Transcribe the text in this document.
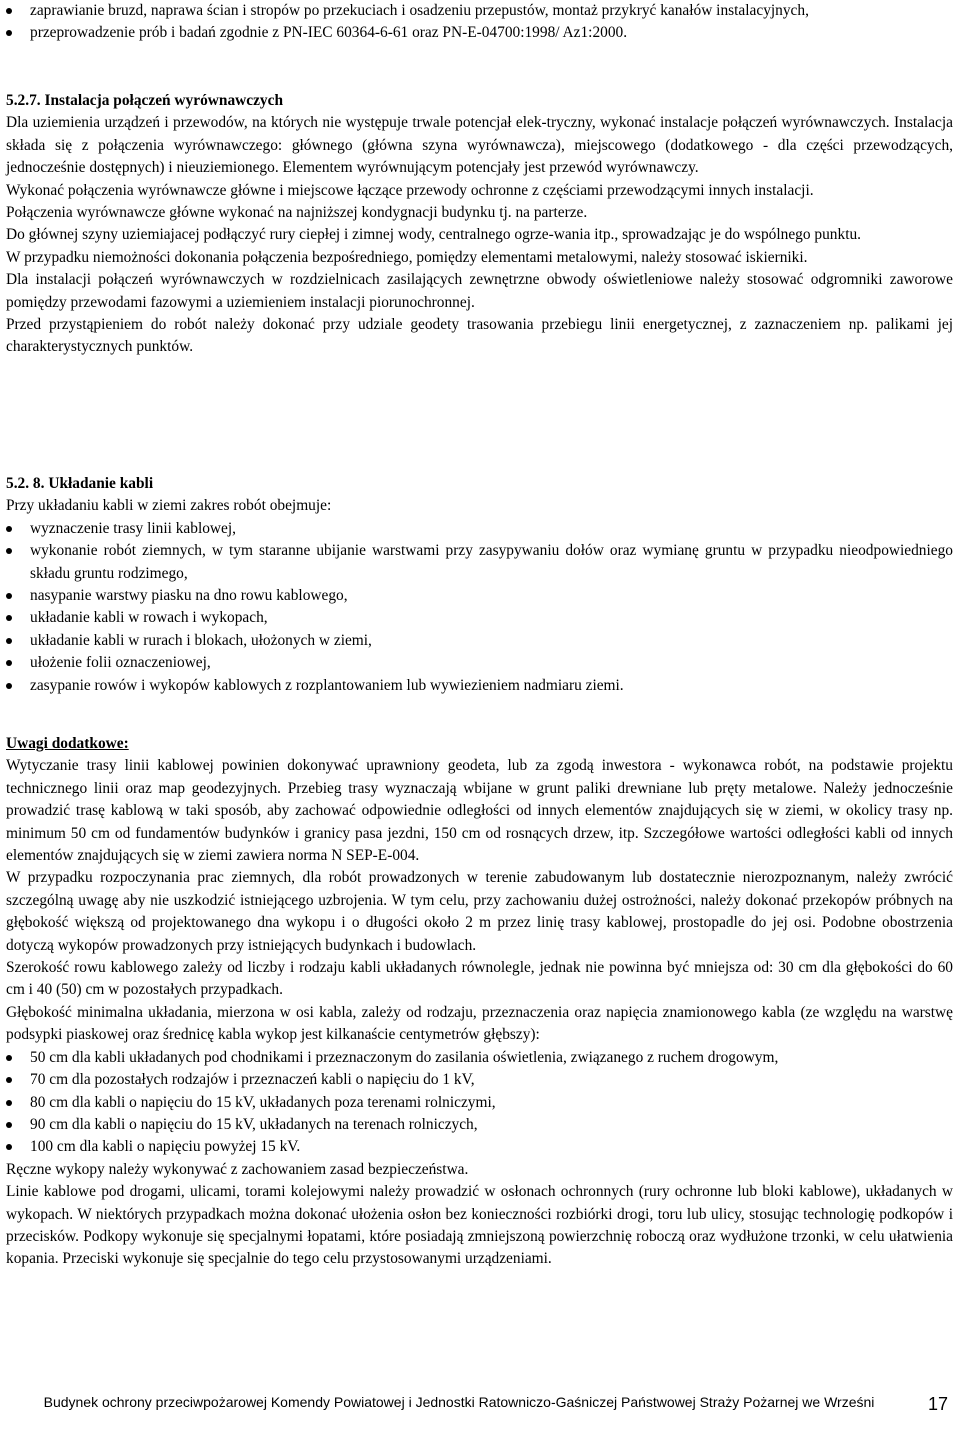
zaprawianie bruzd, naprawa ścian i stropów po przekuciach i osadzeniu przepustów, montaż przykryć kanałów instalacyjnych,
przeprowadzenie prób i badań zgodnie z PN-IEC 60364-6-61 oraz PN-E-04700:1998/ Az1:2000.

5.2.7. Instalacja połączeń wyrównawczych

Dla uziemienia urządzeń i przewodów, na których nie występuje trwale potencjał elek-tryczny, wykonać instalacje połączeń wyrównawczych. Instalacja składa się z połączenia wyrównawczego: głównego (główna szyna wyrównawcza), miejscowego (dodatkowego - dla części przewodzących, jednocześnie dostępnych) i nieuziemionego. Elementem wyrównującym potencjały jest przewód wyrównawczy.

Wykonać połączenia wyrównawcze główne i miejscowe łączące przewody ochronne z częściami przewodzącymi innych instalacji.

Połączenia wyrównawcze główne wykonać na najniższej kondygnacji budynku tj. na parterze.

Do głównej szyny uziemiajacej podłączyć rury ciepłej i zimnej wody, centralnego ogrze-wania itp., sprowadzając je do wspólnego punktu.

W przypadku niemożności dokonania połączenia bezpośredniego, pomiędzy elementami metalowymi, należy stosować iskierniki.

Dla instalacji połączeń wyrównawczych w rozdzielnicach zasilających zewnętrzne obwody oświetleniowe należy stosować odgromniki zaworowe pomiędzy przewodami fazowymi a uziemieniem instalacji piorunochronnej.

Przed przystąpieniem do robót należy dokonać przy udziale geodety trasowania przebiegu linii energetycznej, z zaznaczeniem np. palikami jej charakterystycznych punktów.

5.2. 8. Układanie kabli

Przy układaniu kabli w ziemi zakres robót obejmuje:

wyznaczenie trasy linii kablowej,
wykonanie robót ziemnych, w tym staranne ubijanie warstwami przy zasypywaniu dołów oraz wymianę gruntu w przypadku nieodpowiedniego składu gruntu rodzimego,
nasypanie warstwy piasku na dno rowu kablowego,
układanie kabli w rowach i wykopach,
układanie kabli w rurach i blokach, ułożonych w ziemi,
ułożenie folii oznaczeniowej,
zasypanie rowów i wykopów kablowych z rozplantowaniem lub wywiezieniem nadmiaru ziemi.

Uwagi dodatkowe:

Wytyczanie trasy linii kablowej powinien dokonywać uprawniony geodeta, lub za zgodą inwestora - wykonawca robót, na podstawie projektu technicznego linii oraz map geodezyjnych. Przebieg trasy wyznaczają wbijane w grunt paliki drewniane lub pręty metalowe. Należy jednocześnie prowadzić trasę kablową w taki sposób, aby zachować odpowiednie odległości od innych elementów znajdujących się w ziemi, w okolicy trasy np. minimum 50 cm od fundamentów budynków i granicy pasa jezdni, 150 cm od rosnących drzew, itp. Szczegółowe wartości odległości kabli od innych elementów znajdujących się w ziemi zawiera norma N SEP-E-004.

W przypadku rozpoczynania prac ziemnych, dla robót prowadzonych w terenie zabudowanym lub dostatecznie nierozpoznanym, należy zwrócić szczególną uwagę aby nie uszkodzić istniejącego uzbrojenia. W tym celu, przy zachowaniu dużej ostrożności, należy dokonać przekopów próbnych na głębokość większą od projektowanego dna wykopu i o długości około 2 m przez linię trasy kablowej, prostopadle do jej osi. Podobne obostrzenia dotyczą wykopów prowadzonych przy istniejących budynkach i budowlach.

Szerokość rowu kablowego zależy od liczby i rodzaju kabli układanych równolegle, jednak nie powinna być mniejsza od: 30 cm dla głębokości do 60 cm i 40 (50) cm w pozostałych przypadkach.

Głębokość minimalna układania, mierzona w osi kabla, zależy od rodzaju, przeznaczenia oraz napięcia znamionowego kabla (ze względu na warstwę podsypki piaskowej oraz średnicę kabla wykop jest kilkanaście centymetrów głębszy):

50 cm dla kabli układanych pod chodnikami i przeznaczonym do zasilania oświetlenia, związanego z ruchem drogowym,
70 cm dla pozostałych rodzajów i przeznaczeń kabli o napięciu do 1 kV,
80 cm dla kabli o napięciu do 15 kV, układanych poza terenami rolniczymi,
90 cm dla kabli o napięciu do 15 kV, układanych na terenach rolniczych,
100 cm dla kabli o napięciu powyżej 15 kV.

Ręczne wykopy należy wykonywać z zachowaniem zasad bezpieczeństwa.

Linie kablowe pod drogami, ulicami, torami kolejowymi należy prowadzić w osłonach ochronnych (rury ochronne lub bloki kablowe), układanych w wykopach. W niektórych przypadkach można dokonać ułożenia osłon bez konieczności rozbiórki drogi, toru lub ulicy, stosując technologię podkopów i przecisków. Podkopy wykonuje się specjalnymi łopatami, które posiadają zmniejszoną powierzchnię roboczą oraz wydłużone trzonki, w celu ułatwienia kopania. Przeciski wykonuje się specjalnie do tego celu przystosowanymi urządzeniami.

Budynek ochrony przeciwpożarowej Komendy Powiatowej i Jednostki Ratowniczo-Gaśniczej Państwowej Straży Pożarnej we Wrześni	17
